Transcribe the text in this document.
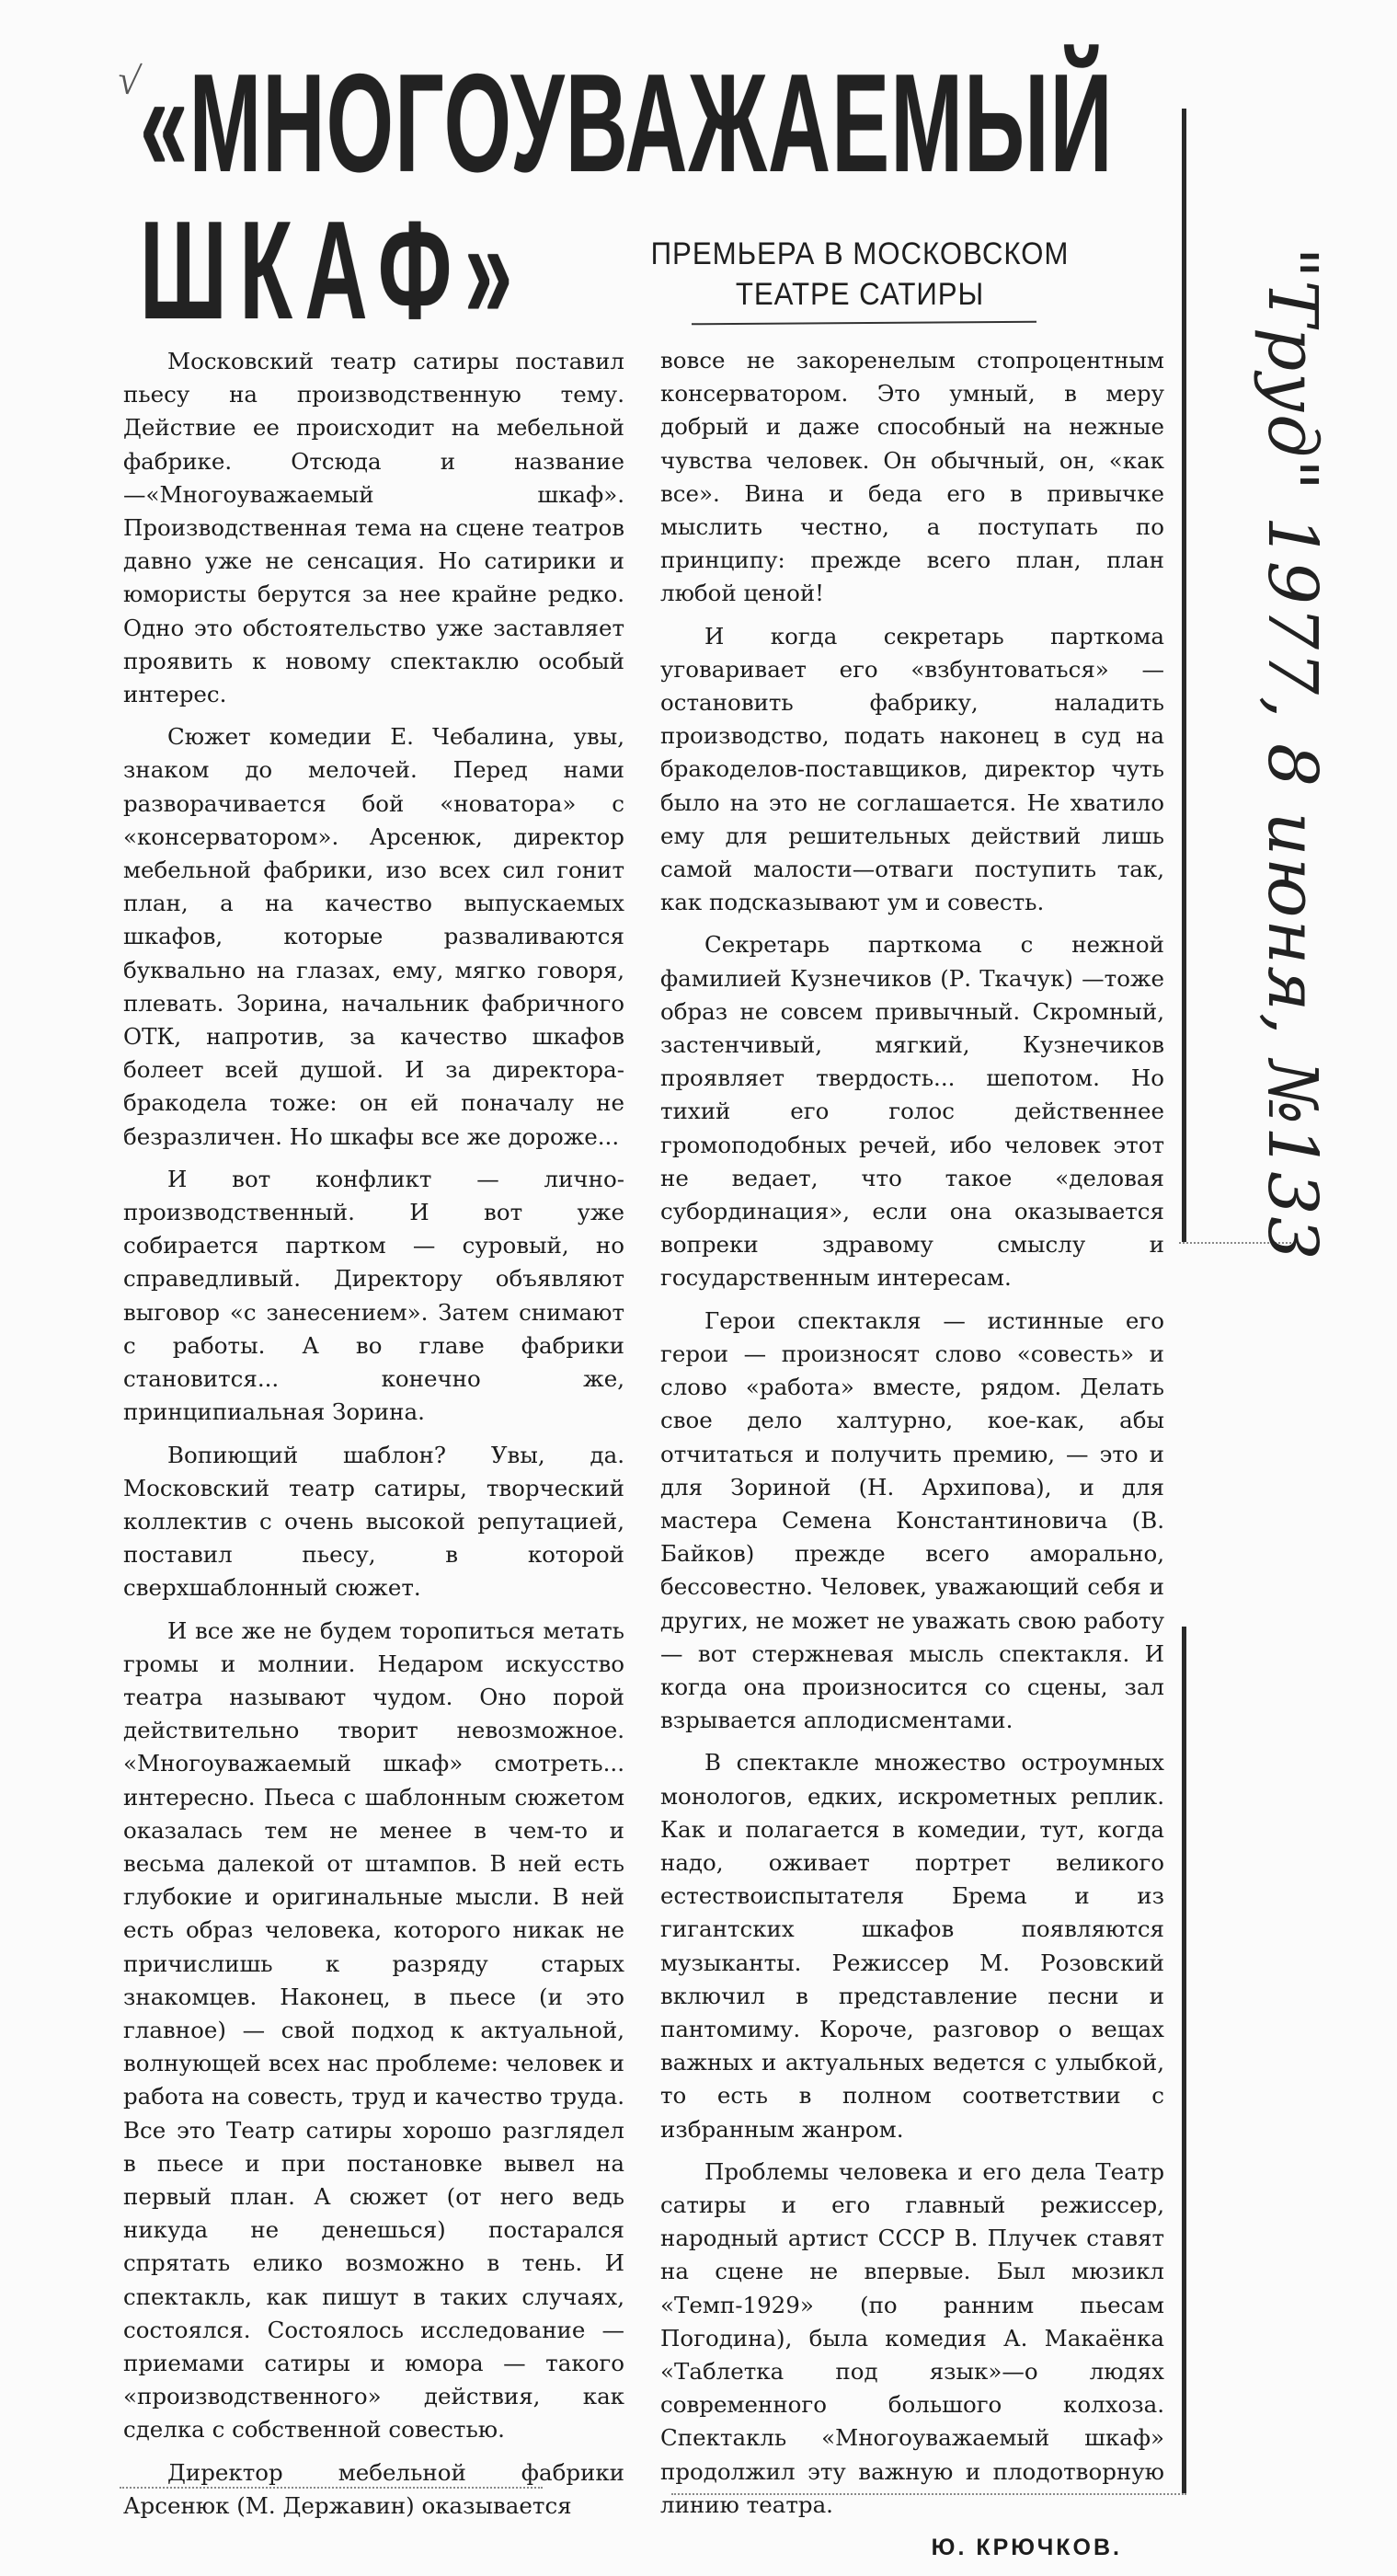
√
«МНОГОУВАЖАЕМЫЙ
ШКАФ»	ПРЕМЬЕРА В МОСКОВСКОМ
ТЕАТРЕ САТИРЫ

Московский театр сатиры поставил пьесу на производственную тему. Действие ее происходит на мебельной фабрике. Отсюда и название—«Многоуважаемый шкаф». Производственная тема на сцене театров давно уже не сенсация. Но сатирики и юмористы берутся за нее крайне редко. Одно это обстоятельство уже заставляет проявить к новому спектаклю особый интерес.

Сюжет комедии Е. Чебалина, увы, знаком до мелочей. Перед нами разворачивается бой «новатора» с «консерватором». Арсенюк, директор мебельной фабрики, изо всех сил гонит план, а на качество выпускаемых шкафов, которые разваливаются буквально на глазах, ему, мягко говоря, плевать. Зорина, начальник фабричного ОТК, напротив, за качество шкафов болеет всей душой. И за директора-бракодела тоже: он ей поначалу не безразличен. Но шкафы все же дороже...

И вот конфликт — лично-производственный. И вот уже собирается партком — суровый, но справедливый. Директору объявляют выговор «с занесением». Затем снимают с работы. А во главе фабрики становится... конечно же, принципиальная Зорина.

Вопиющий шаблон? Увы, да. Московский театр сатиры, творческий коллектив с очень высокой репутацией, поставил пьесу, в которой сверхшаблонный сюжет.

И все же не будем торопиться метать громы и молнии. Недаром искусство театра называют чудом. Оно порой действительно творит невозможное. «Многоуважаемый шкаф» смотреть... интересно. Пьеса с шаблонным сюжетом оказалась тем не менее в чем-то и весьма далекой от штампов. В ней есть глубокие и оригинальные мысли. В ней есть образ человека, которого никак не причислишь к разряду старых знакомцев. Наконец, в пьесе (и это главное) — свой подход к актуальной, волнующей всех нас проблеме: человек и работа на совесть, труд и качество труда. Все это Театр сатиры хорошо разглядел в пьесе и при постановке вывел на первый план. А сюжет (от него ведь никуда не денешься) постарался спрятать елико возможно в тень. И спектакль, как пишут в таких случаях, состоялся. Состоялось исследование — приемами сатиры и юмора — такого «производственного» действия, как сделка с собственной совестью.

Директор мебельной фабрики Арсенюк (М. Державин) оказывается

вовсе не закоренелым стопроцентным консерватором. Это умный, в меру добрый и даже способный на нежные чувства человек. Он обычный, он, «как все». Вина и беда его в привычке мыслить честно, а поступать по принципу: прежде всего план, план любой ценой!

И когда секретарь парткома уговаривает его «взбунтоваться» — остановить фабрику, наладить производство, подать наконец в суд на бракоделов-поставщиков, директор чуть было на это не соглашается. Не хватило ему для решительных действий лишь самой малости—отваги поступить так, как подсказывают ум и совесть.

Секретарь парткома с нежной фамилией Кузнечиков (Р. Ткачук) —тоже образ не совсем привычный. Скромный, застенчивый, мягкий, Кузнечиков проявляет твердость... шепотом. Но тихий его голос действеннее громоподобных речей, ибо человек этот не ведает, что такое «деловая субординация», если она оказывается вопреки здравому смыслу и государственным интересам.

Герои спектакля — истинные его герои — произносят слово «совесть» и слово «работа» вместе, рядом. Делать свое дело халтурно, кое-как, абы отчитаться и получить премию, — это и для Зориной (Н. Архипова), и для мастера Семена Константиновича (В. Байков) прежде всего аморально, бессовестно. Человек, уважающий себя и других, не может не уважать свою работу — вот стержневая мысль спектакля. И когда она произносится со сцены, зал взрывается аплодисментами.

В спектакле множество остроумных монологов, едких, искрометных реплик. Как и полагается в комедии, тут, когда надо, оживает портрет великого естествоиспытателя Брема и из гигантских шкафов появляются музыканты. Режиссер М. Розовский включил в представление песни и пантомиму. Короче, разговор о вещах важных и актуальных ведется с улыбкой, то есть в полном соответствии с избранным жанром.

Проблемы человека и его дела Театр сатиры и его главный режиссер, народный артист СССР В. Плучек ставят на сцене не впервые. Был мюзикл «Темп-1929» (по ранним пьесам Погодина), была комедия А. Макаёнка «Таблетка под язык»—о людях современного большого колхоза. Спектакль «Многоуважаемый шкаф» продолжил эту важную и плодотворную линию театра.

Ю. КРЮЧКОВ.
"Труд" 1977, 8 июня, №133
